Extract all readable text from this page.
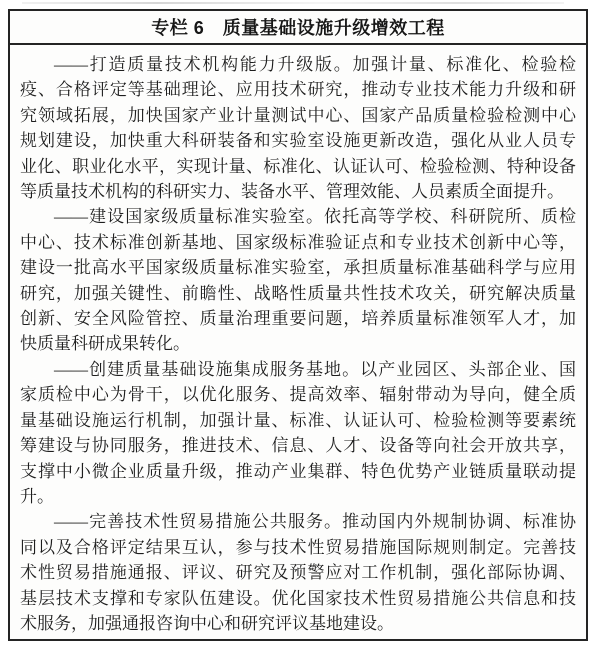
专栏 6　质量基础设施升级增效工程
——打造质量技术机构能力升级版。加强计量、标准化、检验检
疫、合格评定等基础理论、应用技术研究，推动专业技术能力升级和研
究领域拓展，加快国家产业计量测试中心、国家产品质量检验检测中心
规划建设，加快重大科研装备和实验室设施更新改造，强化从业人员专
业化、职业化水平，实现计量、标准化、认证认可、检验检测、特种设备
等质量技术机构的科研实力、装备水平、管理效能、人员素质全面提升。
——建设国家级质量标准实验室。依托高等学校、科研院所、质检
中心、技术标准创新基地、国家级标准验证点和专业技术创新中心等，
建设一批高水平国家级质量标准实验室，承担质量标准基础科学与应用
研究，加强关键性、前瞻性、战略性质量共性技术攻关，研究解决质量
创新、安全风险管控、质量治理重要问题，培养质量标准领军人才，加
快质量科研成果转化。
——创建质量基础设施集成服务基地。以产业园区、头部企业、国
家质检中心为骨干，以优化服务、提高效率、辐射带动为导向，健全质
量基础设施运行机制，加强计量、标准、认证认可、检验检测等要素统
筹建设与协同服务，推进技术、信息、人才、设备等向社会开放共享，
支撑中小微企业质量升级，推动产业集群、特色优势产业链质量联动提
升。
——完善技术性贸易措施公共服务。推动国内外规制协调、标准协
同以及合格评定结果互认，参与技术性贸易措施国际规则制定。完善技
术性贸易措施通报、评议、研究及预警应对工作机制，强化部际协调、
基层技术支撑和专家队伍建设。优化国家技术性贸易措施公共信息和技
术服务，加强通报咨询中心和研究评议基地建设。
